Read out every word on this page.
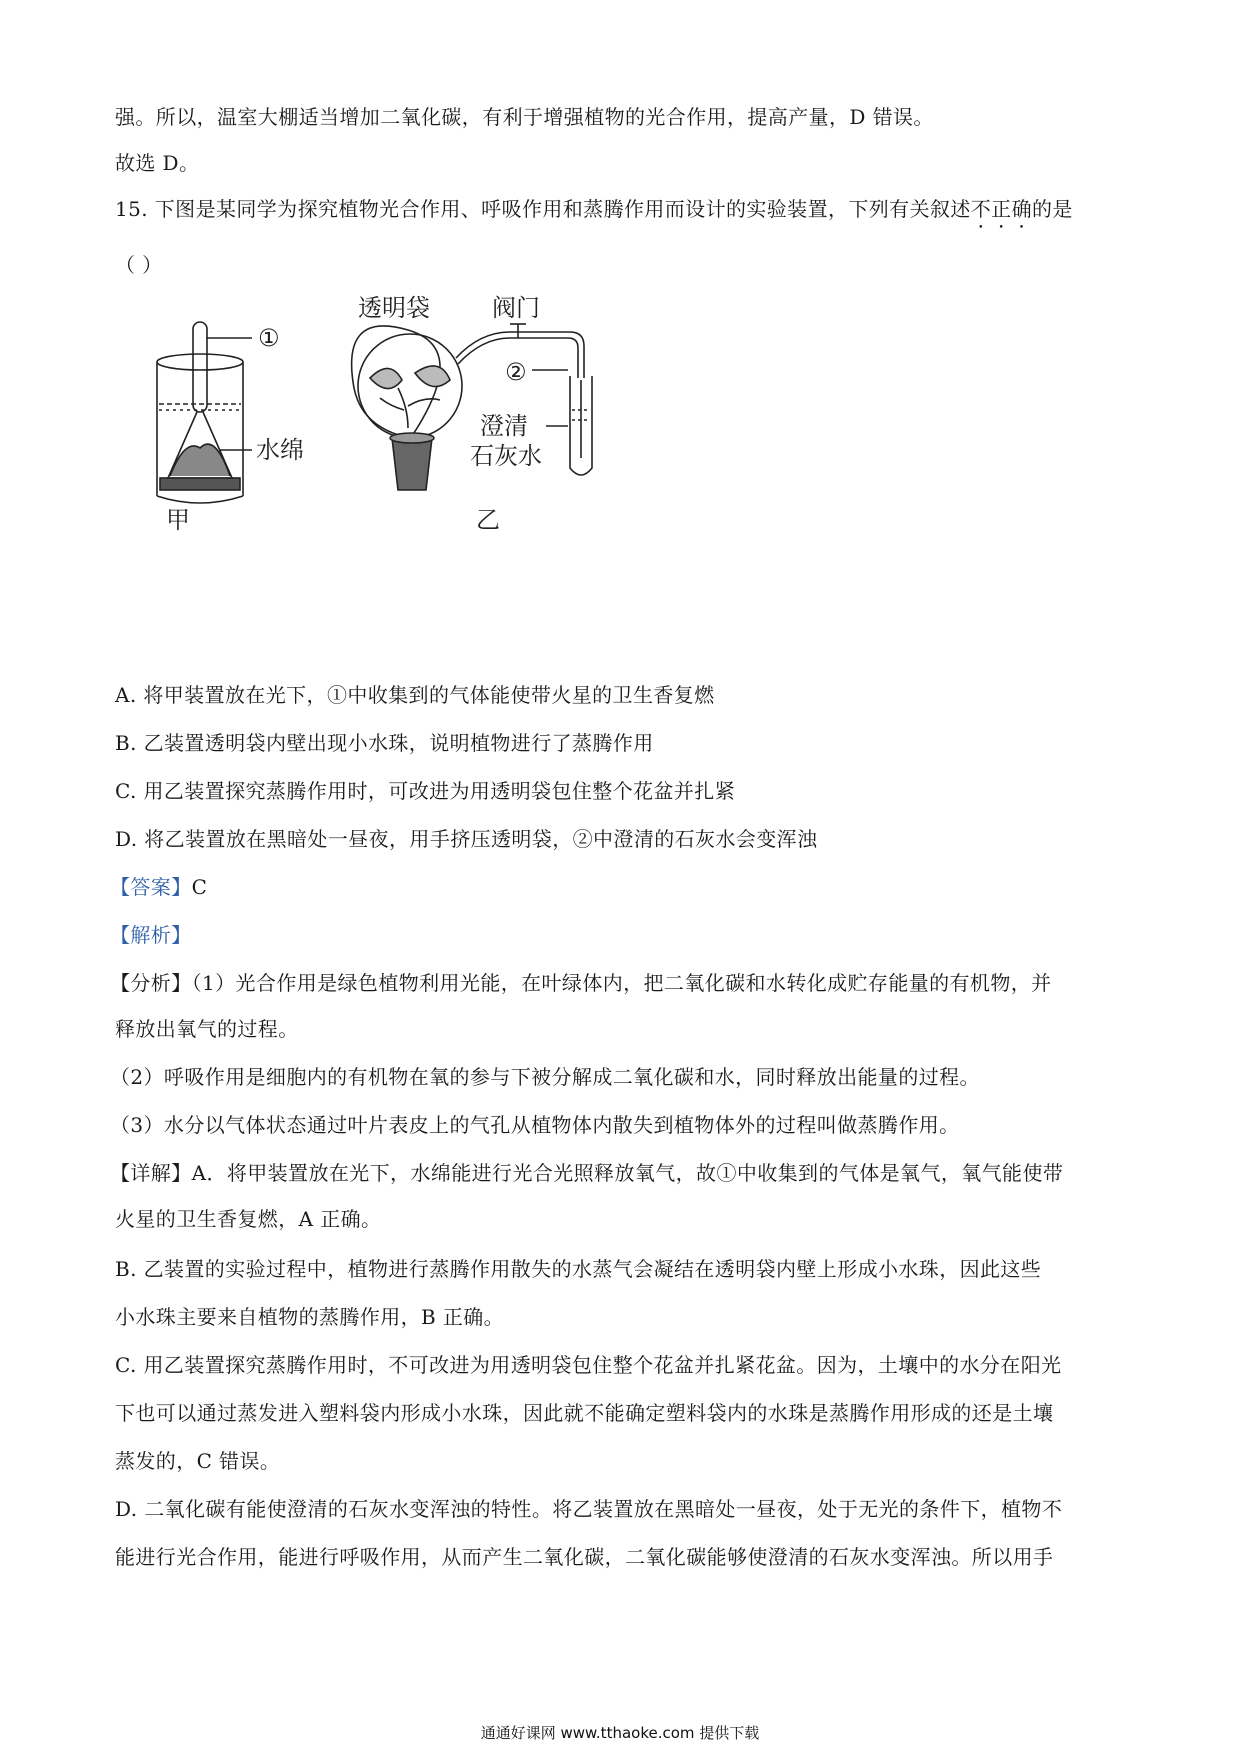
强。所以，温室大棚适当增加二氧化碳，有利于增强植物的光合作用，提高产量，D 错误。
故选 D。
15. 下图是某同学为探究植物光合作用、呼吸作用和蒸腾作用而设计的实验装置，下列有关叙述不正确的是
（ ）
①
水绵
甲
透明袋	阀门
②
澄清
石灰水
乙
A. 将甲装置放在光下，①中收集到的气体能使带火星的卫生香复燃
B. 乙装置透明袋内壁出现小水珠，说明植物进行了蒸腾作用
C. 用乙装置探究蒸腾作用时，可改进为用透明袋包住整个花盆并扎紧
D. 将乙装置放在黑暗处一昼夜，用手挤压透明袋，②中澄清的石灰水会变浑浊
【答案】C
【解析】
【分析】（1）光合作用是绿色植物利用光能，在叶绿体内，把二氧化碳和水转化成贮存能量的有机物，并
释放出氧气的过程。
（2）呼吸作用是细胞内的有机物在氧的参与下被分解成二氧化碳和水，同时释放出能量的过程。
（3）水分以气体状态通过叶片表皮上的气孔从植物体内散失到植物体外的过程叫做蒸腾作用。
【详解】A．将甲装置放在光下，水绵能进行光合光照释放氧气，故①中收集到的气体是氧气，氧气能使带
火星的卫生香复燃，A 正确。
B. 乙装置的实验过程中，植物进行蒸腾作用散失的水蒸气会凝结在透明袋内壁上形成小水珠，因此这些
小水珠主要来自植物的蒸腾作用，B 正确。
C. 用乙装置探究蒸腾作用时，不可改进为用透明袋包住整个花盆并扎紧花盆。因为，土壤中的水分在阳光
下也可以通过蒸发进入塑料袋内形成小水珠，因此就不能确定塑料袋内的水珠是蒸腾作用形成的还是土壤
蒸发的，C 错误。
D. 二氧化碳有能使澄清的石灰水变浑浊的特性。将乙装置放在黑暗处一昼夜，处于无光的条件下，植物不
能进行光合作用，能进行呼吸作用，从而产生二氧化碳，二氧化碳能够使澄清的石灰水变浑浊。所以用手
通通好课网 www.tthaoke.com 提供下载
